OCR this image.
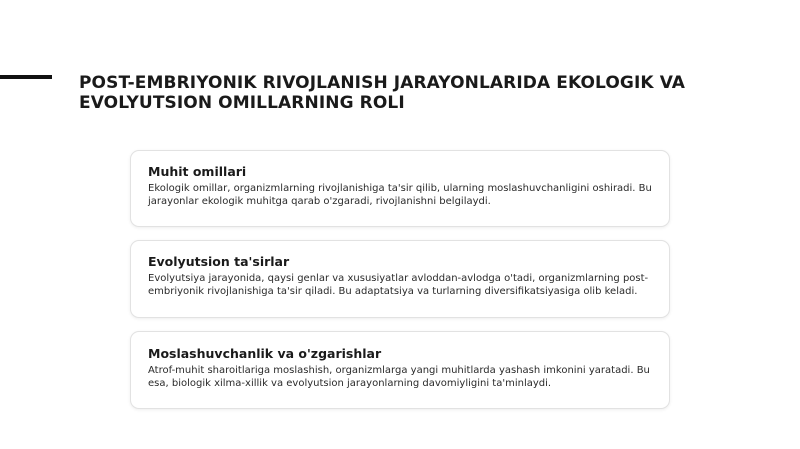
POST-EMBRIYONIK RIVOJLANISH JARAYONLARIDA EKOLOGIK VA EVOLYUTSION OMILLARNING ROLI
Muhit omillari

Ekologik omillar, organizmlarning rivojlanishiga ta'sir qilib, ularning moslashuvchanligini oshiradi. Bu jarayonlar ekologik muhitga qarab o'zgaradi, rivojlanishni belgilaydi.

Evolyutsion ta'sirlar

Evolyutsiya jarayonida, qaysi genlar va xususiyatlar avloddan-avlodga o'tadi, organizmlarning post-embriyonik rivojlanishiga ta'sir qiladi. Bu adaptatsiya va turlarning diversifikatsiyasiga olib keladi.

Moslashuvchanlik va o'zgarishlar

Atrof-muhit sharoitlariga moslashish, organizmlarga yangi muhitlarda yashash imkonini yaratadi. Bu esa, biologik xilma-xillik va evolyutsion jarayonlarning davomiyligini ta'minlaydi.
